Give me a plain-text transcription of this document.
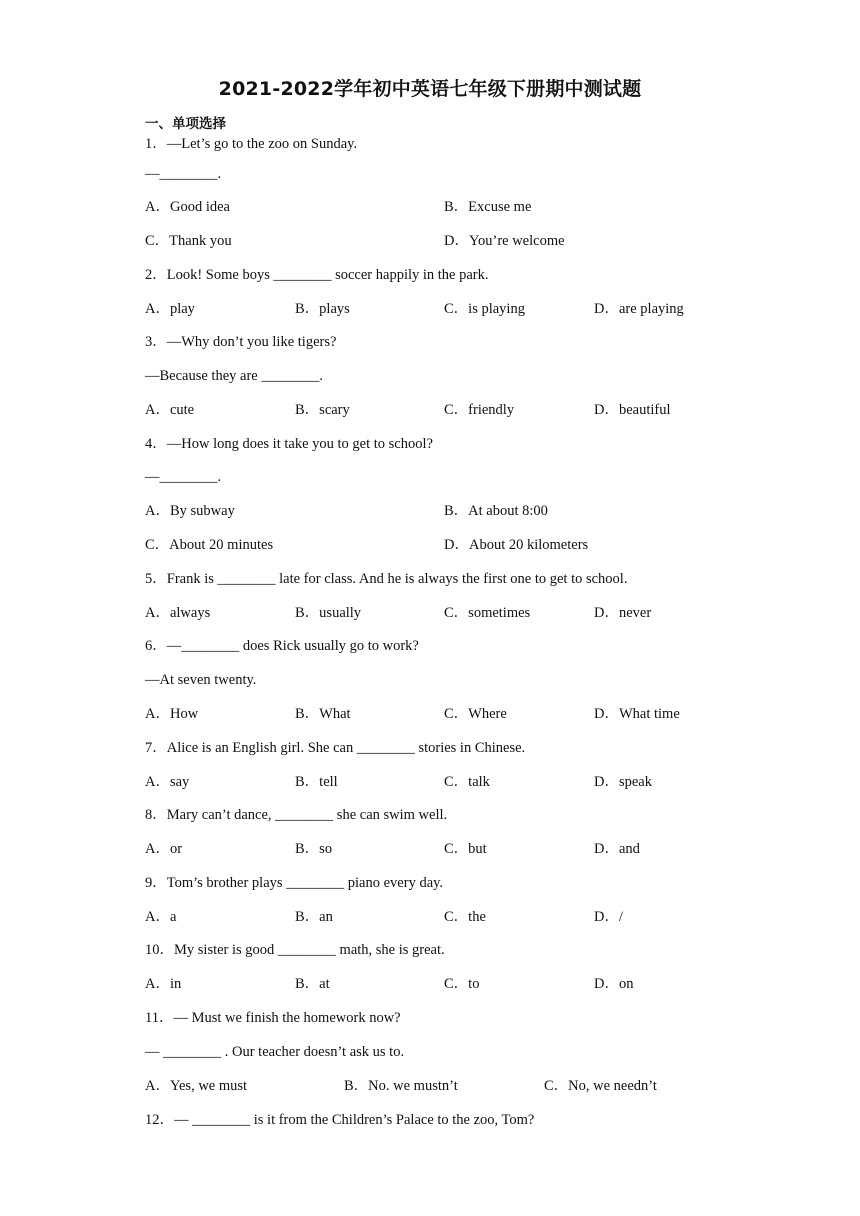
2021-2022学年初中英语七年级下册期中测试题
一、单项选择
1．—Let’s go to the zoo on Sunday.
—________.
A．Good idea	B．Excuse me
C．Thank you	D．You’re welcome
2．Look! Some boys ________ soccer happily in the park.
A．play	B．plays	C．is playing	D．are playing
3．—Why don’t you like tigers?
—Because they are ________.
A．cute	B．scary	C．friendly	D．beautiful
4．—How long does it take you to get to school?
—________.
A．By subway	B．At about 8:00
C．About 20 minutes	D．About 20 kilometers
5．Frank is ________ late for class. And he is always the first one to get to school.
A．always	B．usually	C．sometimes	D．never
6．—________ does Rick usually go to work?
—At seven twenty.
A．How	B．What	C．Where	D．What time
7．Alice is an English girl. She can ________ stories in Chinese.
A．say	B．tell	C．talk	D．speak
8．Mary can’t dance, ________ she can swim well.
A．or	B．so	C．but	D．and
9．Tom’s brother plays ________ piano every day.
A．a	B．an	C．the	D．/
10．My sister is good ________ math, she is great.
A．in	B．at	C．to	D．on
11．— Must we finish the homework now?
— ________ . Our teacher doesn’t ask us to.
A．Yes, we must	B．No. we mustn’t	C．No, we needn’t
12．— ________ is it from the Children’s Palace to the zoo, Tom?
